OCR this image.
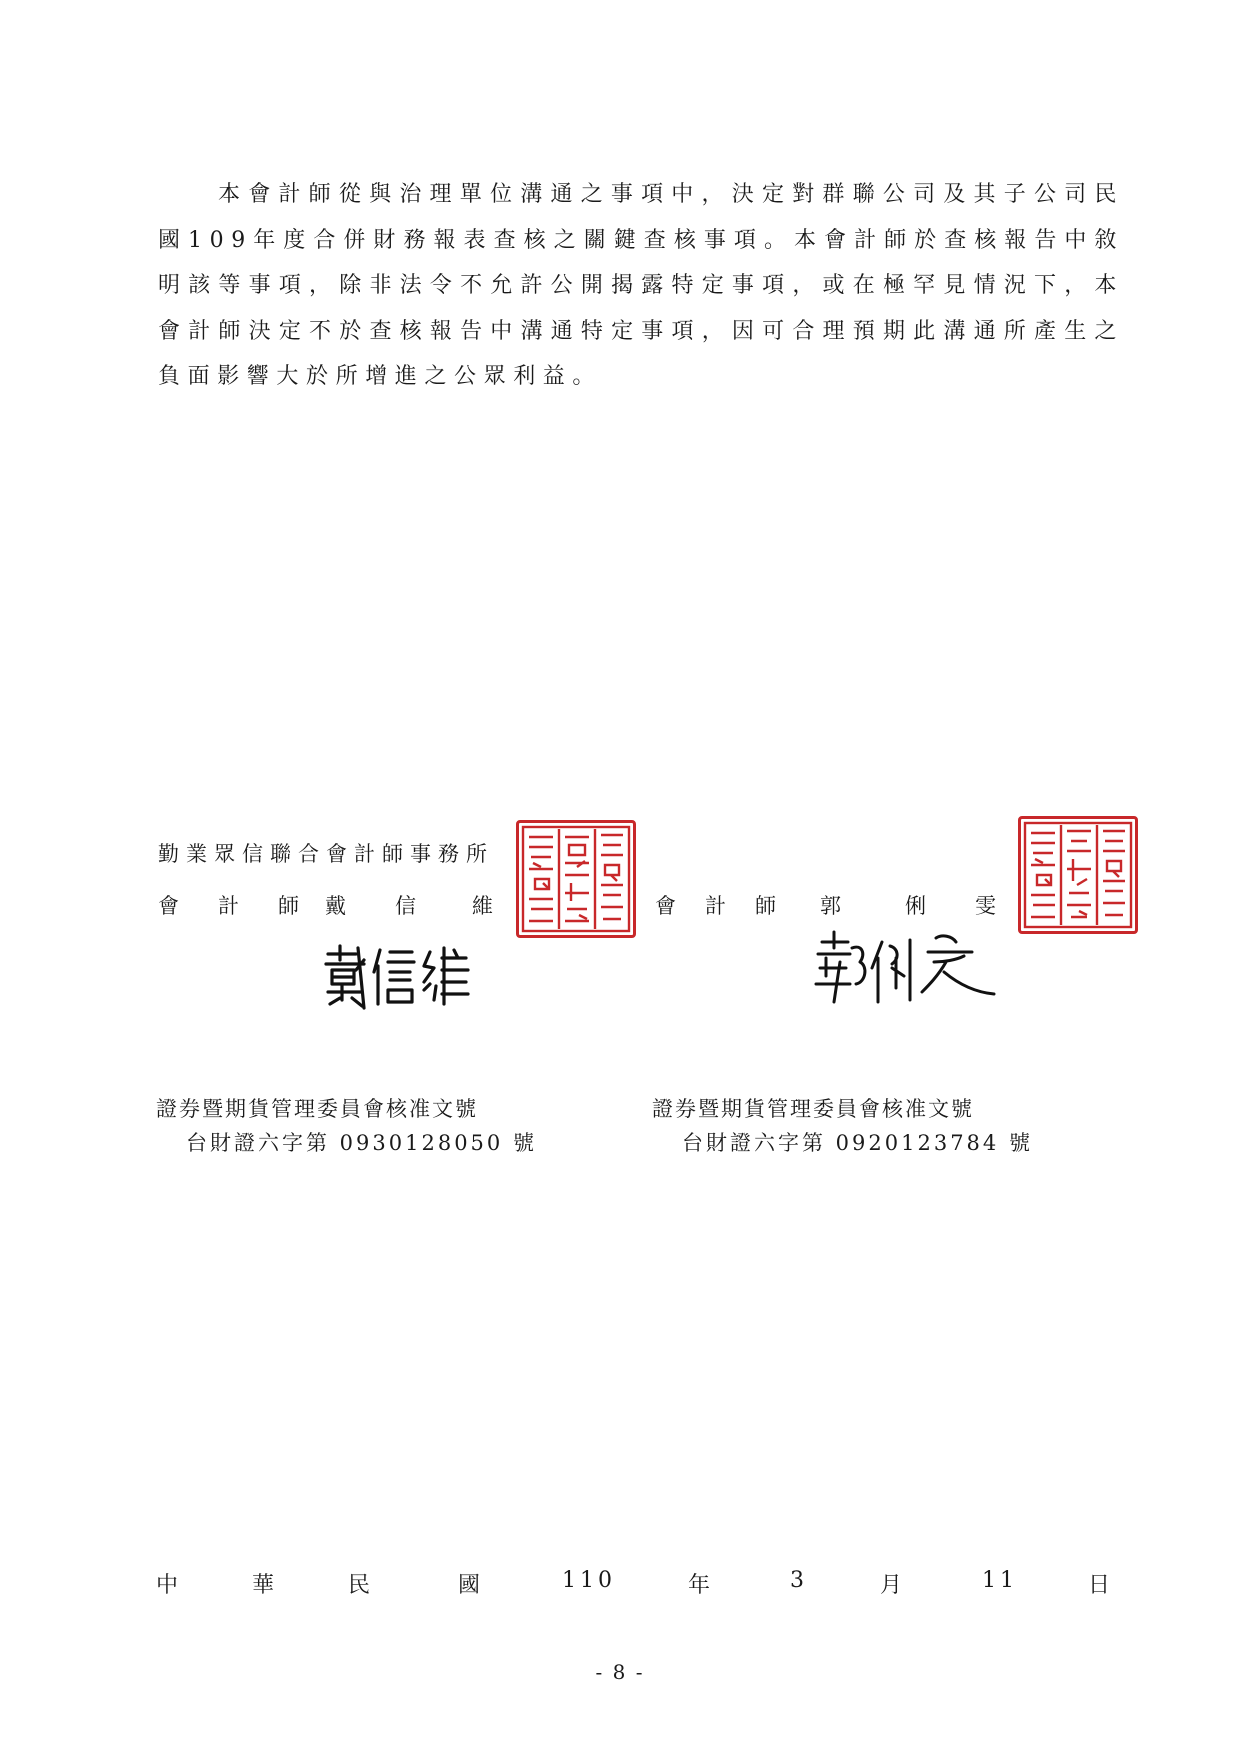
本會計師從與治理單位溝通之事項中，決定對群聯公司及其子公司民國109年度合併財務報表查核之關鍵查核事項。本會計師於查核報告中敘明該等事項，除非法令不允許公開揭露特定事項，或在極罕見情況下，本會計師決定不於查核報告中溝通特定事項，因可合理預期此溝通所產生之負面影響大於所增進之公眾利益。

勤業眾信聯合會計師事務所
會 計 師 戴 信	維	會 計 師 郭	俐 雯
證券暨期貨管理委員會核准文號
台財證六字第 0930128050 號
證券暨期貨管理委員會核准文號
台財證六字第 0920123784 號
中	華	民	國	110	年	3	月	11	日
- 8 -
